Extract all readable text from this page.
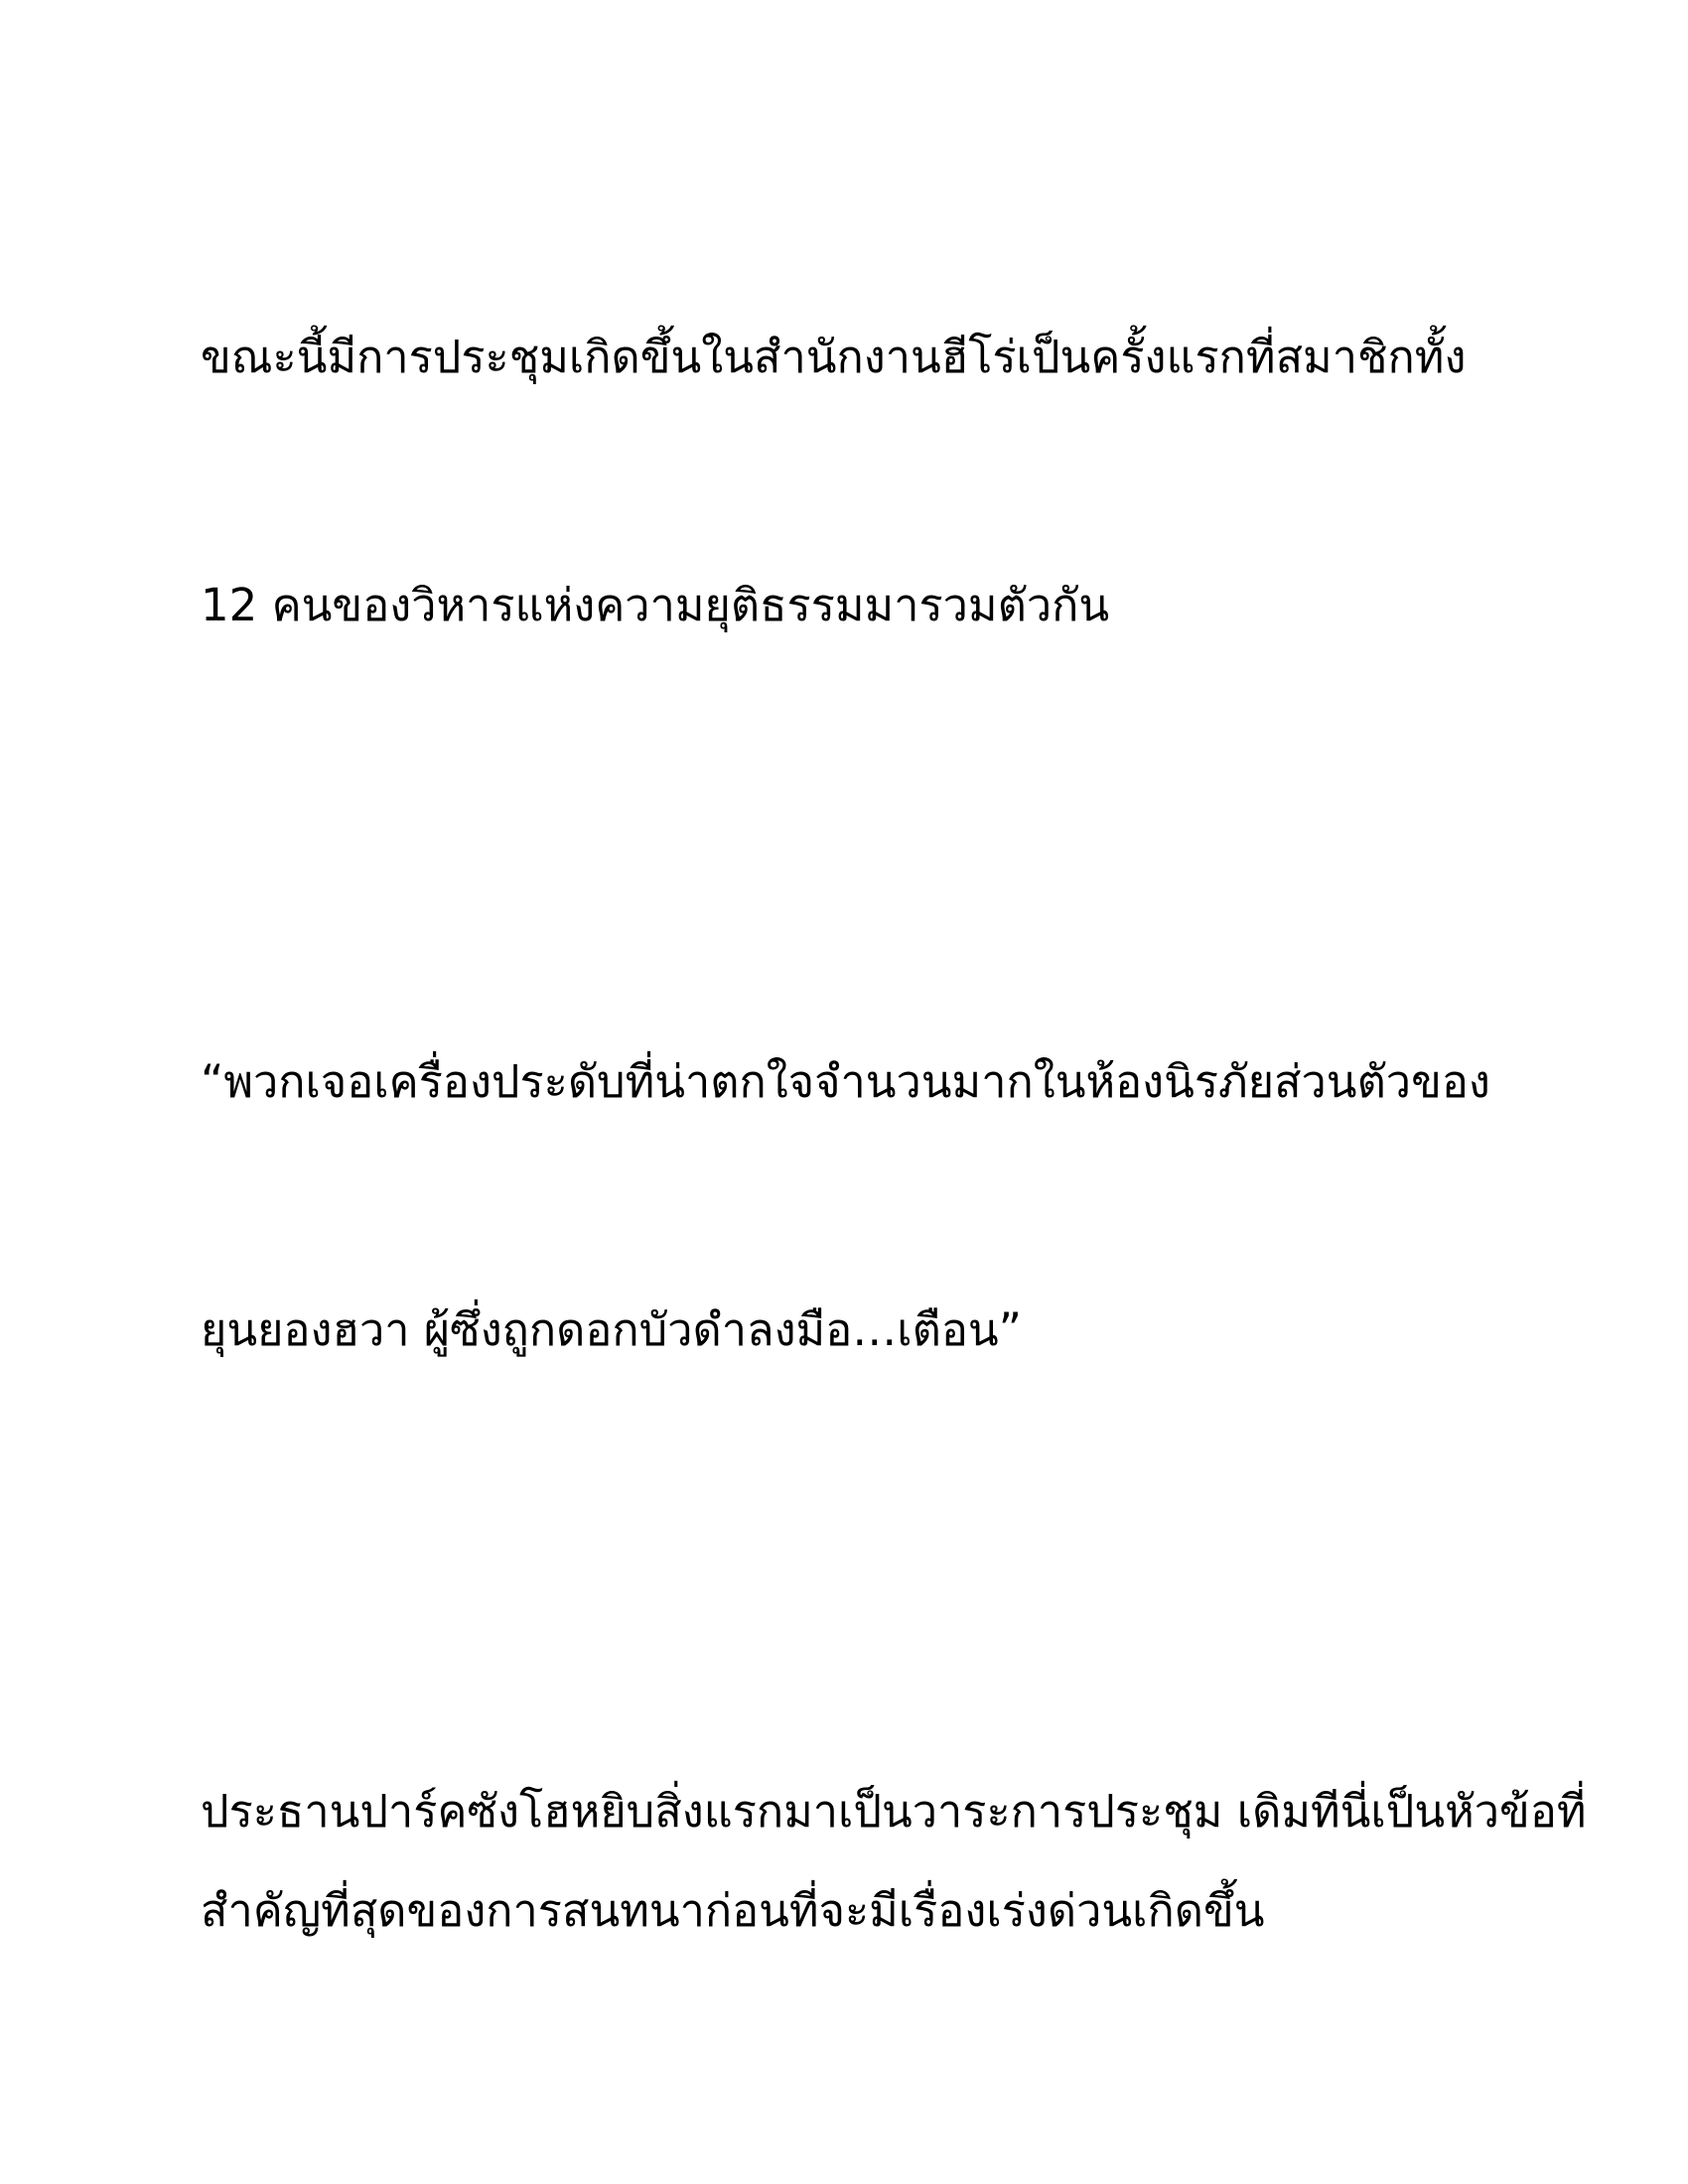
ขณะนี้มีการประชุมเกิดขึ้นในสำนักงานฮีโร่เป็นครั้งแรกที่สมาชิกทั้ง
12 คนของวิหารแห่งความยุติธรรมมารวมตัวกัน
“พวกเจอเครื่องประดับที่น่าตกใจจำนวนมากในห้องนิรภัยส่วนตัวของ
ยุนยองฮวา ผู้ซึ่งถูกดอกบัวดำลงมือ…เตือน”
ประธานปาร์คซังโฮหยิบสิ่งแรกมาเป็นวาระการประชุม เดิมทีนี่เป็นหัวข้อที่
สำคัญที่สุดของการสนทนาก่อนที่จะมีเรื่องเร่งด่วนเกิดขึ้น
